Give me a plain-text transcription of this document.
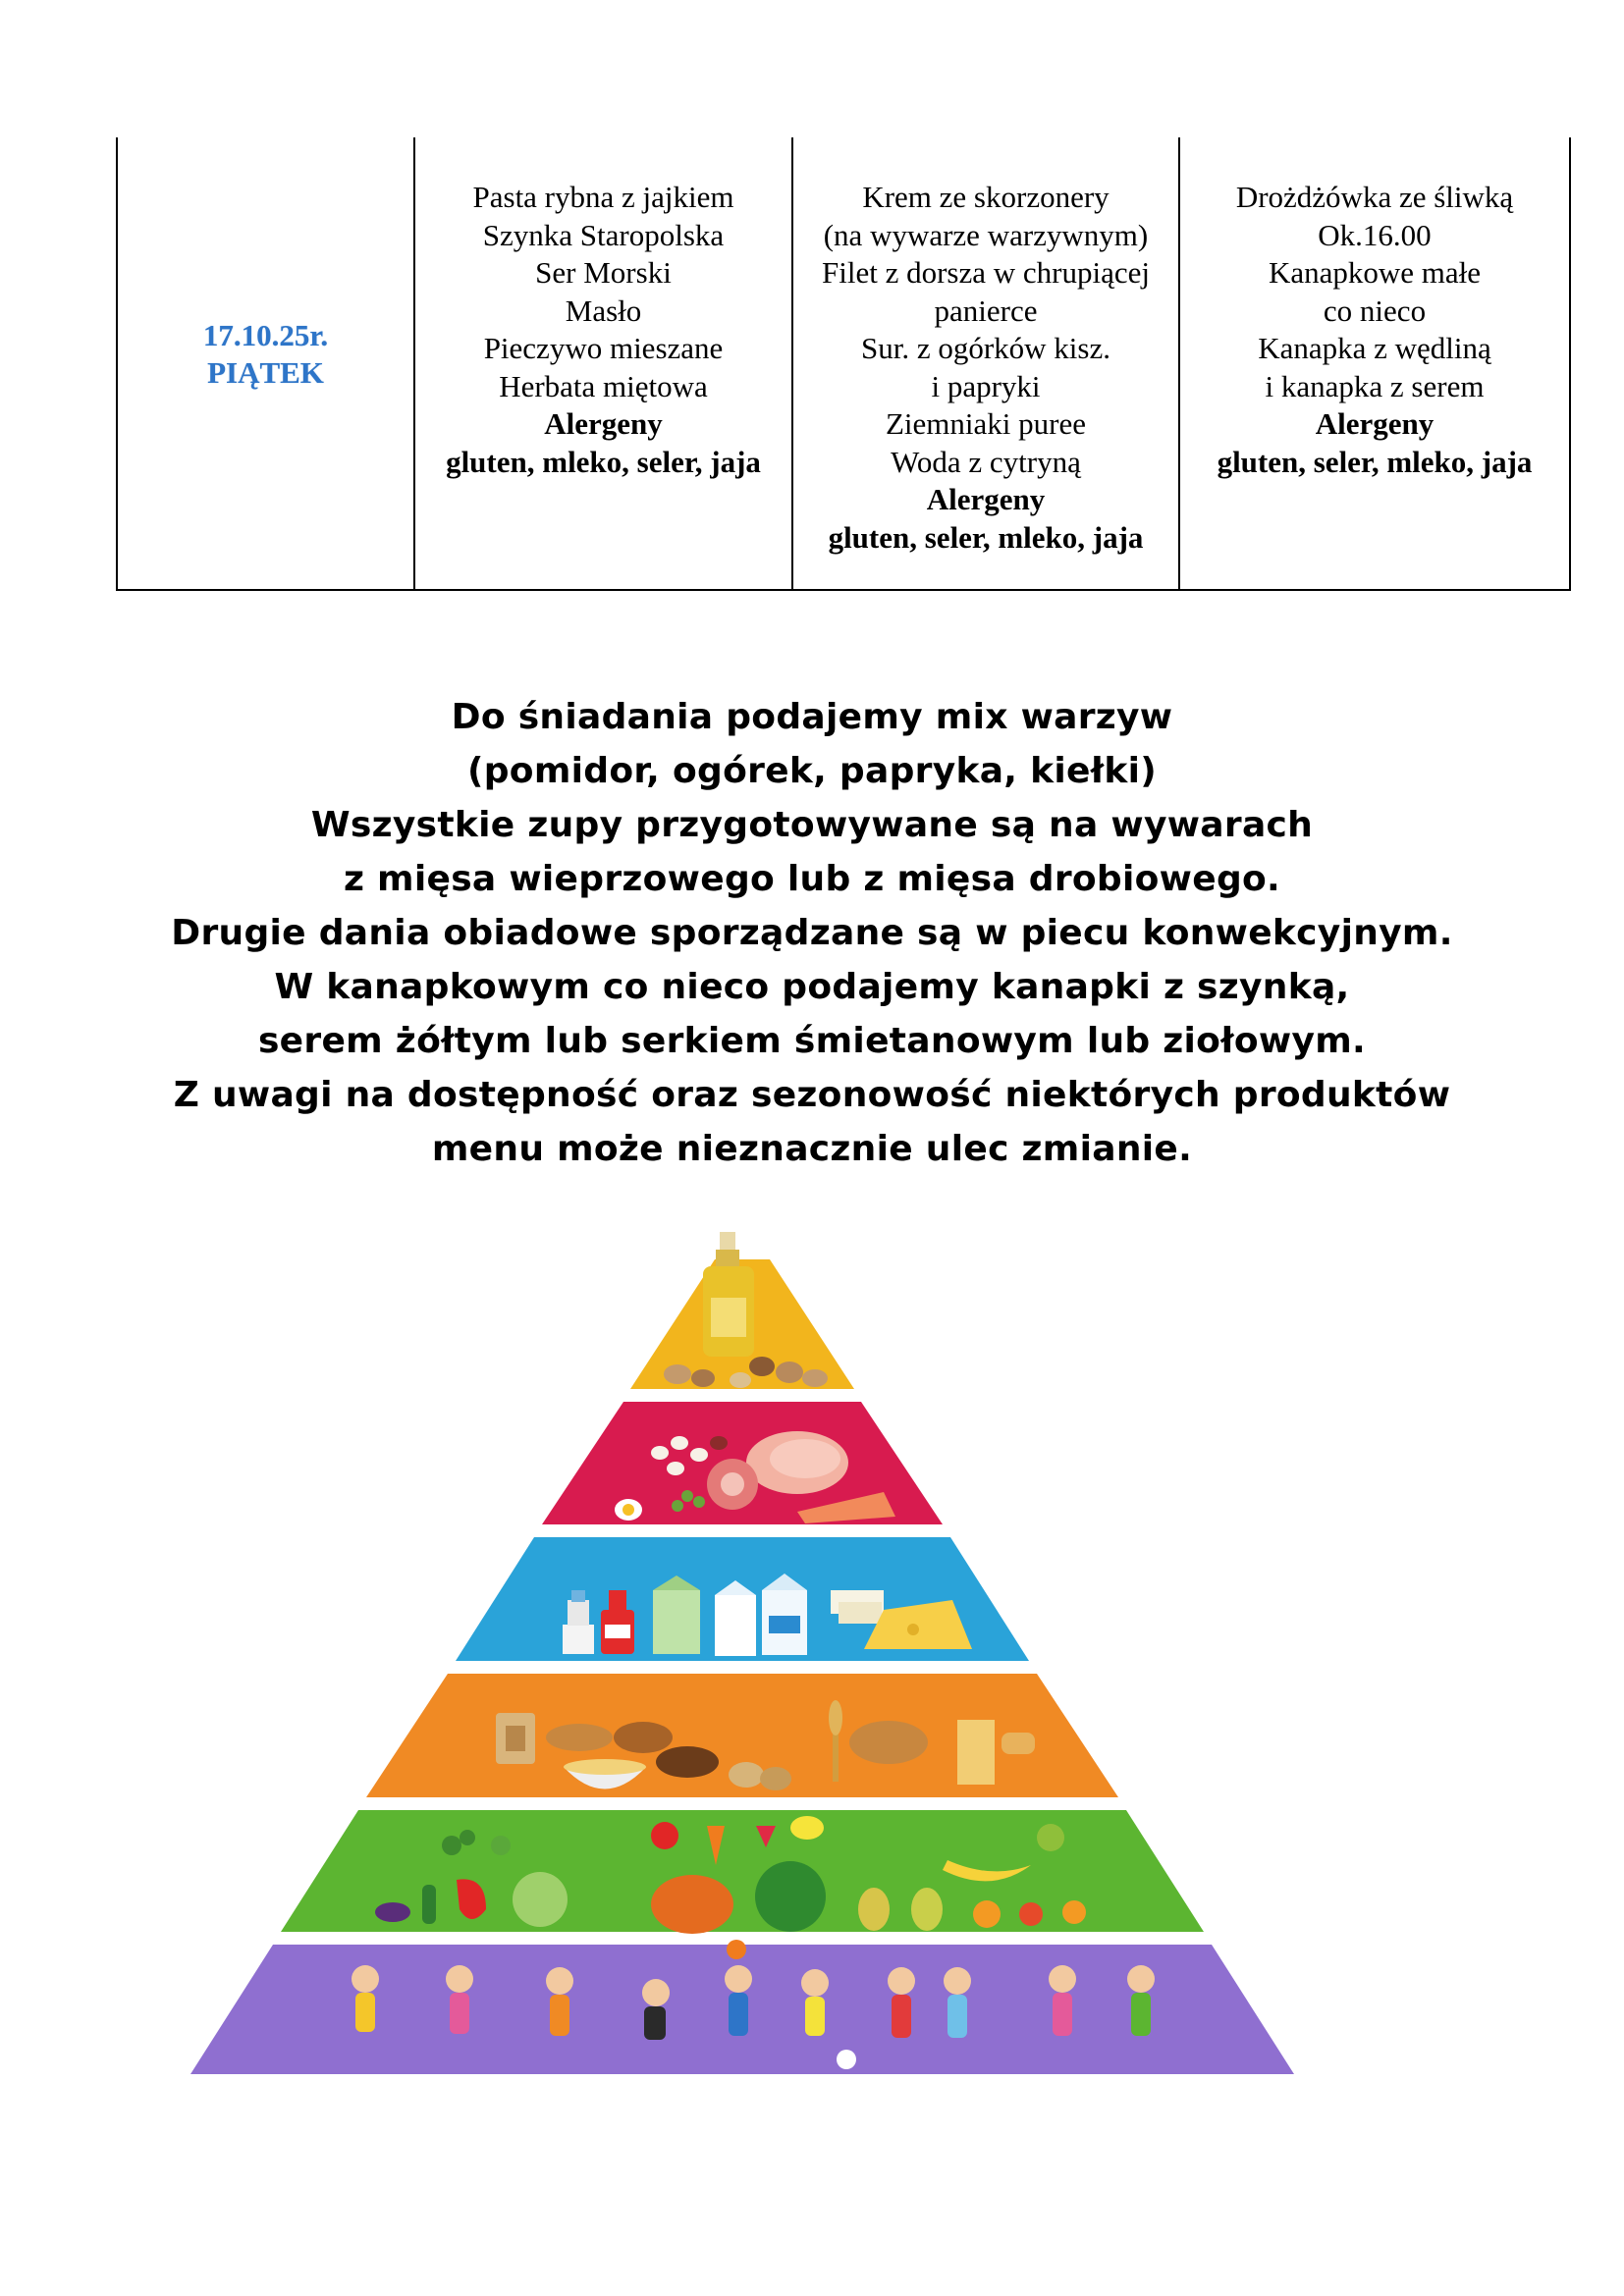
17.10.25r.
PIĄTEK

Pasta rybna z jajkiem
Szynka Staropolska
Ser Morski
Masło
Pieczywo mieszane
Herbata miętowa
Alergeny
gluten, mleko, seler, jaja

Krem ze skorzonery
(na wywarze warzywnym)
Filet z dorsza w chrupiącej
panierce
Sur. z ogórków kisz.
i papryki
Ziemniaki puree
Woda z cytryną
Alergeny
gluten, seler, mleko, jaja

Drożdżówka ze śliwką
Ok.16.00
Kanapkowe małe
co nieco
Kanapka z wędliną
i kanapka z serem
Alergeny
gluten, seler, mleko, jaja
Do śniadania podajemy mix warzyw
(pomidor, ogórek, papryka, kiełki)
Wszystkie zupy przygotowywane są na wywarach
z mięsa wieprzowego lub z mięsa drobiowego.
Drugie dania obiadowe sporządzane są w piecu konwekcyjnym.
W kanapkowym co nieco podajemy kanapki z szynką,
serem żółtym lub serkiem śmietanowym lub ziołowym.
Z uwagi na dostępność oraz sezonowość niektórych produktów
menu może nieznacznie ulec zmianie.
